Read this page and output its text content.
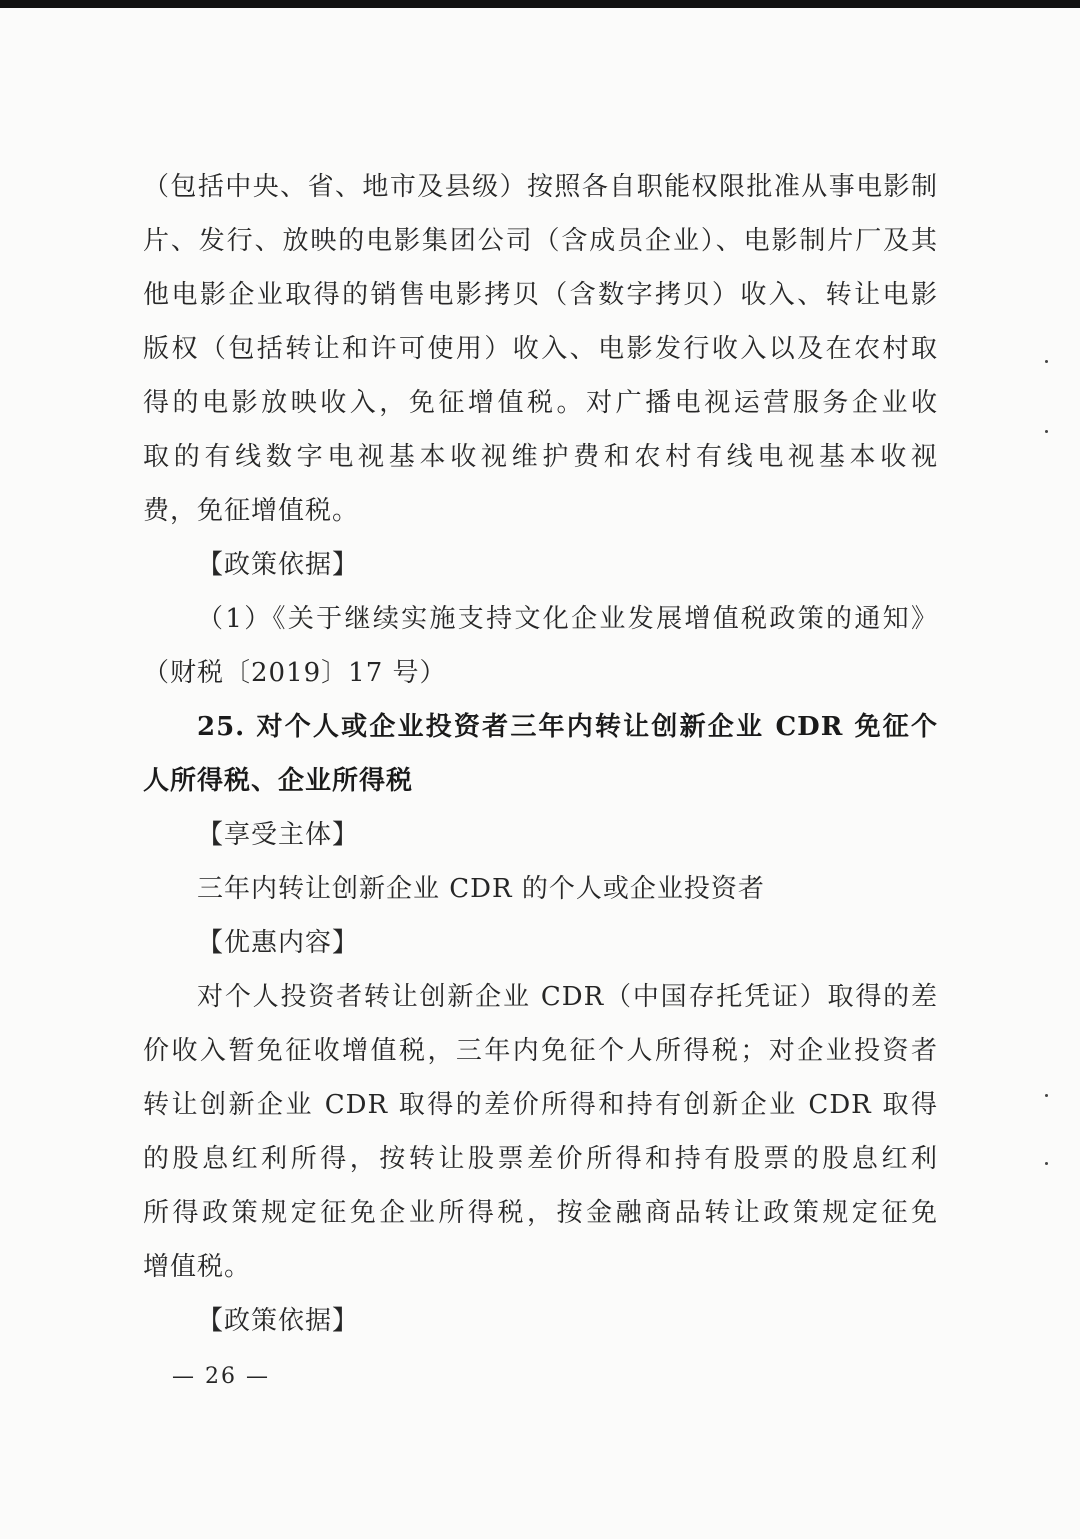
（包括中央、省、地市及县级）按照各自职能权限批准从事电影制
片、发行、放映的电影集团公司（含成员企业）、电影制片厂及其
他电影企业取得的销售电影拷贝（含数字拷贝）收入、转让电影
版权（包括转让和许可使用）收入、电影发行收入以及在农村取
得的电影放映收入，免征增值税。对广播电视运营服务企业收
取的有线数字电视基本收视维护费和农村有线电视基本收视
费，免征增值税。
【政策依据】
（1）《关于继续实施支持文化企业发展增值税政策的通知》
（财税〔2019〕17 号）
25. 对个人或企业投资者三年内转让创新企业 CDR 免征个
人所得税、企业所得税
【享受主体】
三年内转让创新企业 CDR 的个人或企业投资者
【优惠内容】
对个人投资者转让创新企业 CDR（中国存托凭证）取得的差
价收入暂免征收增值税，三年内免征个人所得税；对企业投资者
转让创新企业 CDR 取得的差价所得和持有创新企业 CDR 取得
的股息红利所得，按转让股票差价所得和持有股票的股息红利
所得政策规定征免企业所得税，按金融商品转让政策规定征免
增值税。
【政策依据】
— 26 —
